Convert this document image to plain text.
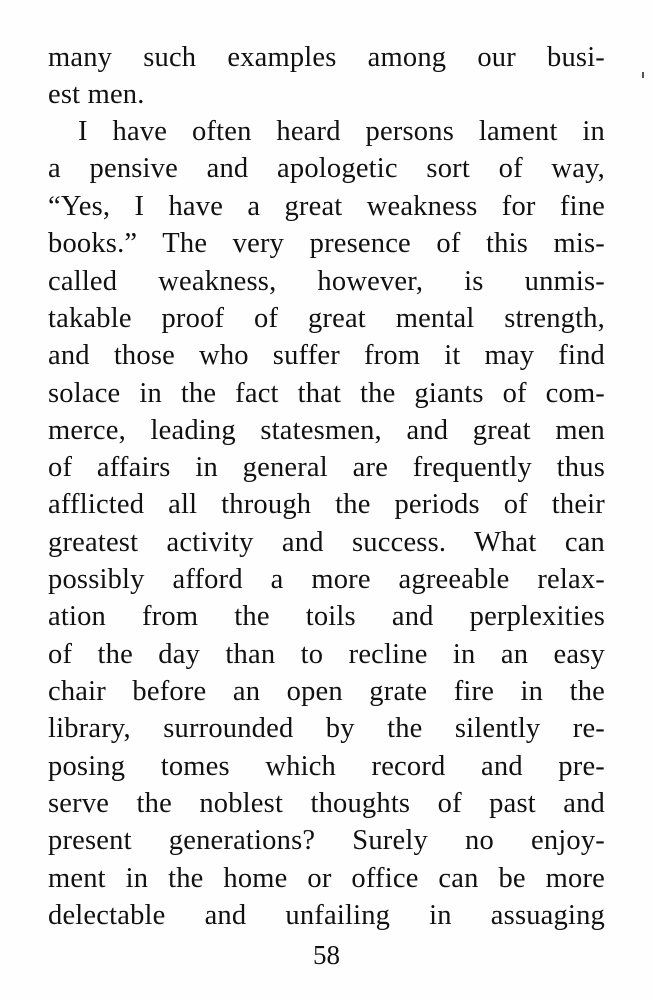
many such examples among our busi-
est men.
I have often heard persons lament in
a pensive and apologetic sort of way,
“Yes, I have a great weakness for fine
books.” The very presence of this mis-
called weakness, however, is unmis-
takable proof of great mental strength,
and those who suffer from it may find
solace in the fact that the giants of com-
merce, leading statesmen, and great men
of affairs in general are frequently thus
afflicted all through the periods of their
greatest activity and success. What can
possibly afford a more agreeable relax-
ation from the toils and perplexities
of the day than to recline in an easy
chair before an open grate fire in the
library, surrounded by the silently re-
posing tomes which record and pre-
serve the noblest thoughts of past and
present generations? Surely no enjoy-
ment in the home or office can be more
delectable and unfailing in assuaging
58
